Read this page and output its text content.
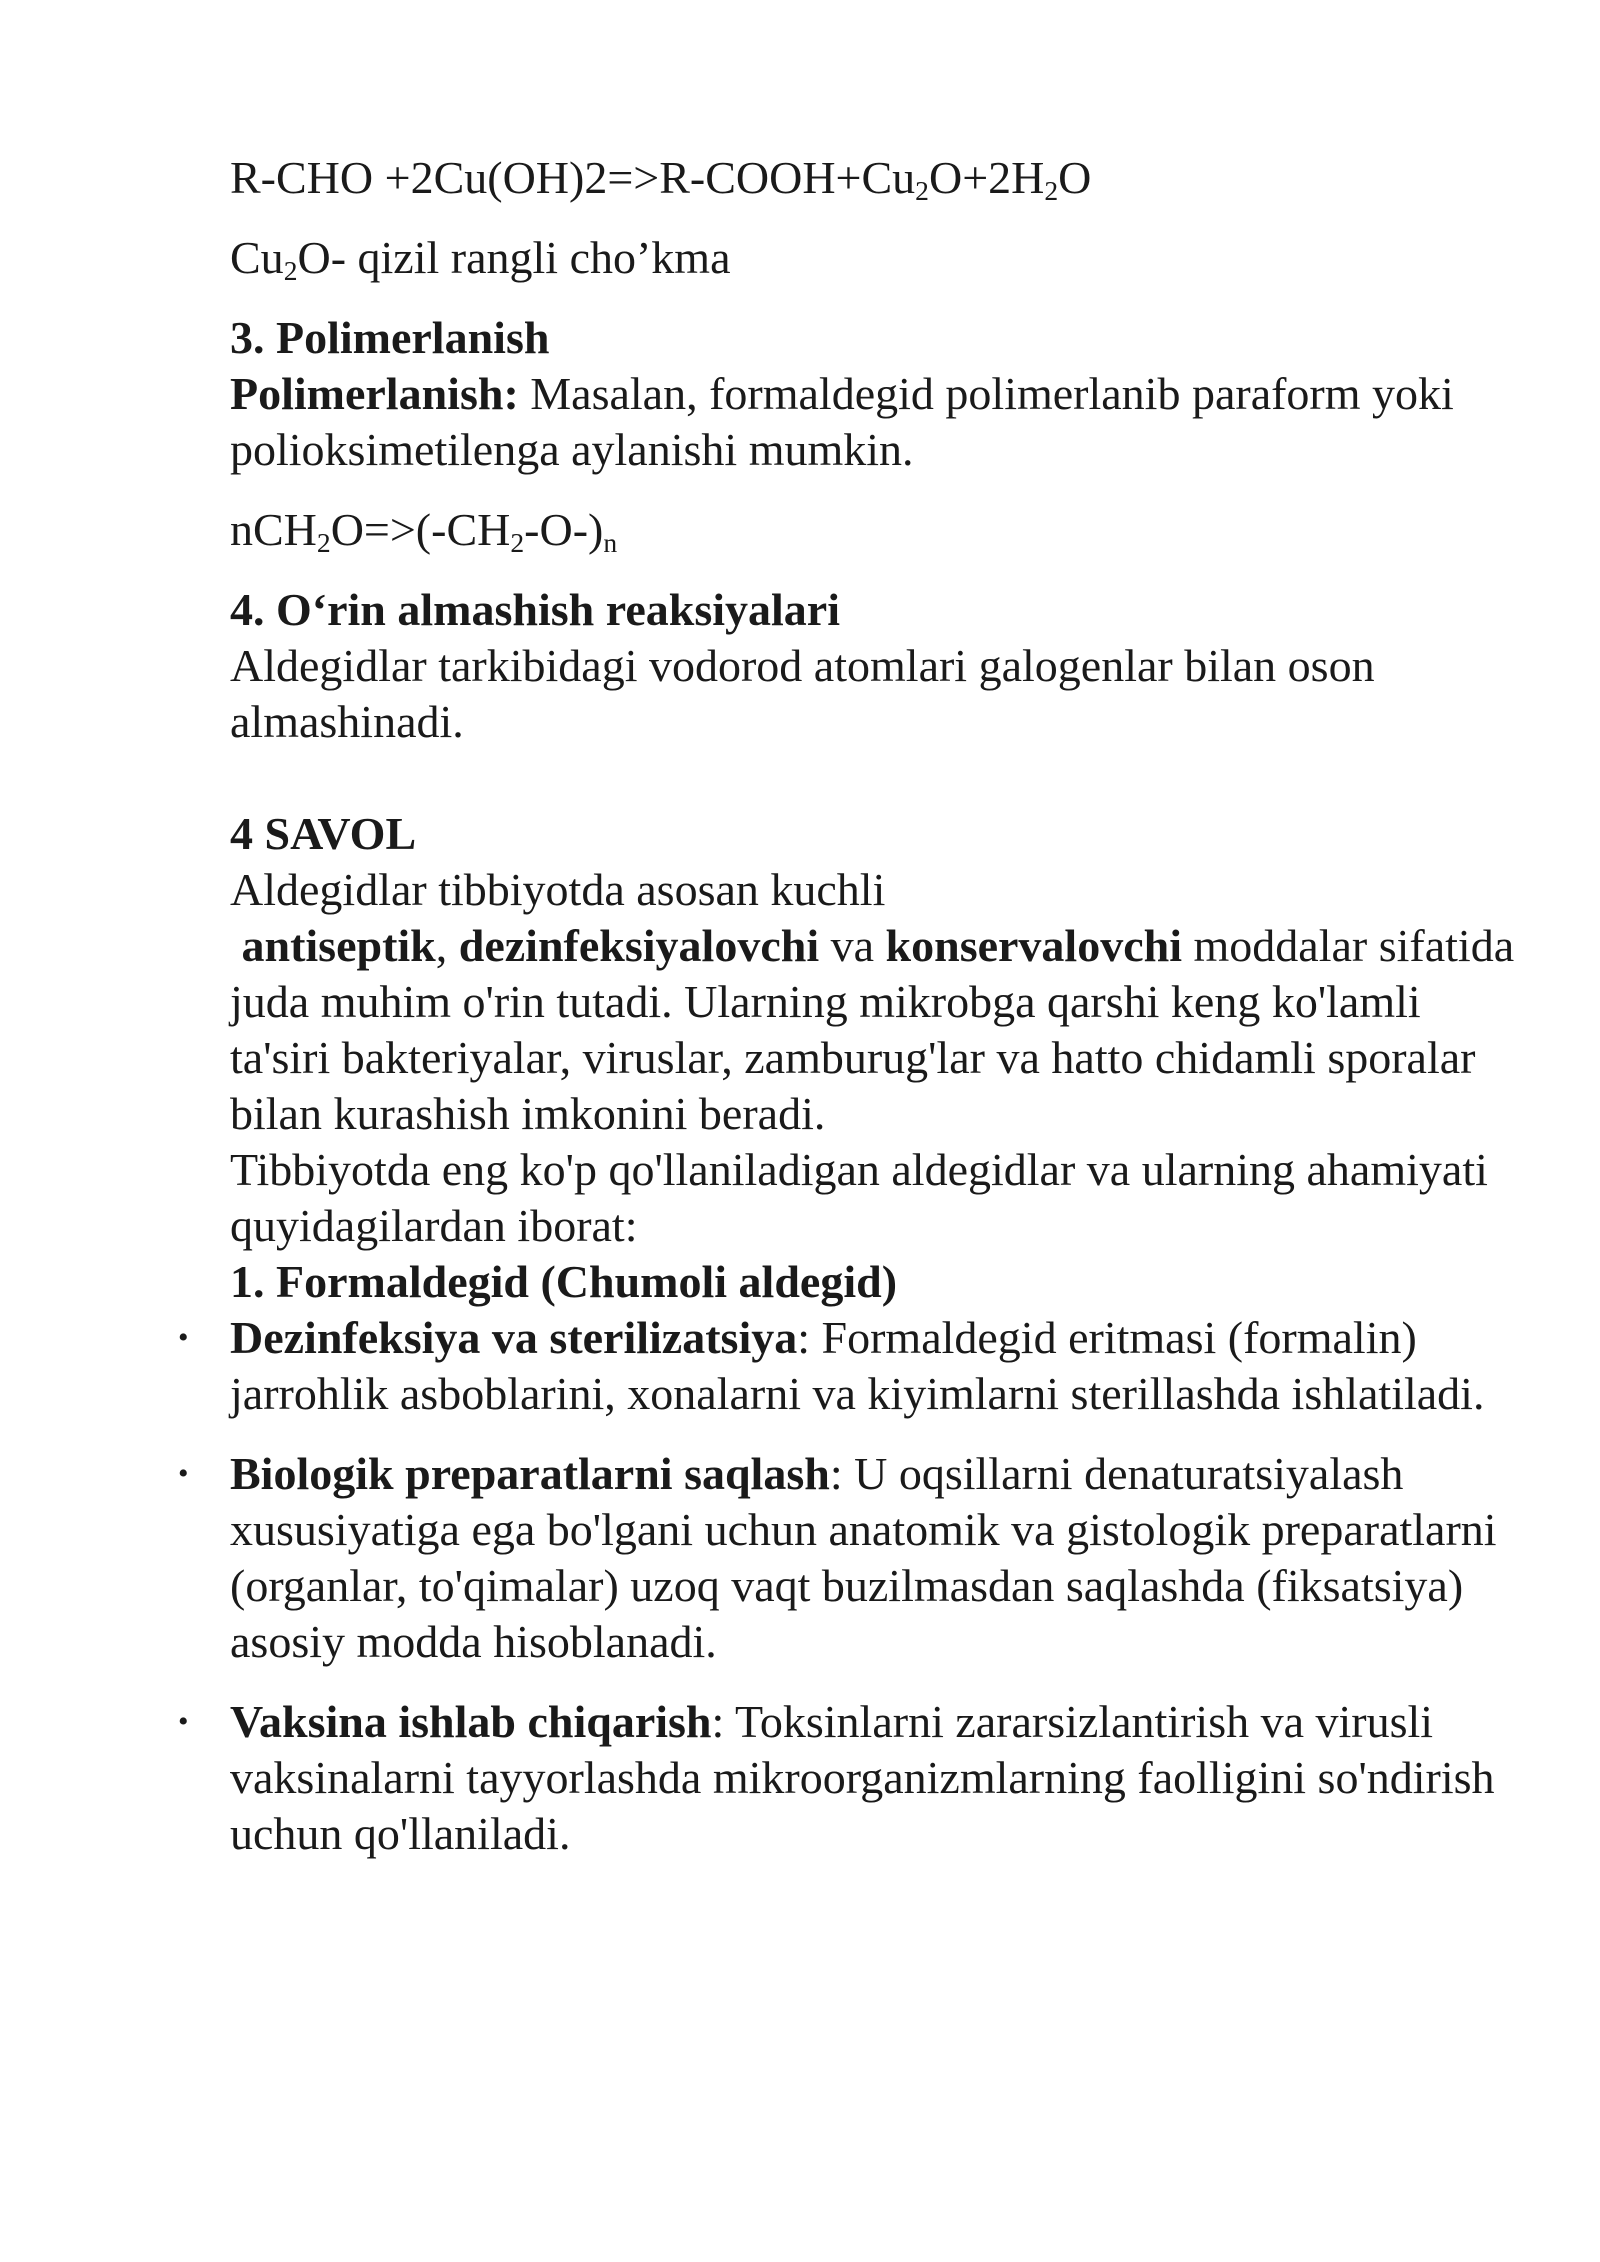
$R-CHO +2Cu(OH)2=>R-COOH+Cu_2O+2H_2O$

$Cu_2O-$ qizil rangli cho’kma

3. Polimerlanish

Polimerlanish: Masalan, formaldegid polimerlanib paraform yoki polioksimetilenga aylanishi mumkin.

$nCH_2O=>(-CH_2-O-)_n$

4. O‘rin almashish reaksiyalari

Aldegidlar tarkibidagi vodorod atomlari galogenlar bilan oson almashinadi.

4 SAVOL

Aldegidlar tibbiyotda asosan kuchli

antiseptik, dezinfeksiyalovchi va konservalovchi moddalar sifatida juda muhim o'rin tutadi. Ularning mikrobga qarshi keng ko'lamli ta'siri bakteriyalar, viruslar, zamburug'lar va hatto chidamli sporalar bilan kurashish imkonini beradi.

Tibbiyotda eng ko'p qo'llaniladigan aldegidlar va ularning ahamiyati quyidagilardan iborat:

1. Formaldegid (Chumoli aldegid)

• Dezinfeksiya va sterilizatsiya: Formaldegid eritmasi (formalin) jarrohlik asboblarini, xonalarni va kiyimlarni sterillashda ishlatiladi.
• Biologik preparatlarni saqlash: U oqsillarni denaturatsiyalash xususiyatiga ega bo'lgani uchun anatomik va gistologik preparatlarni (organlar, to'qimalar) uzoq vaqt buzilmasdan saqlashda (fiksatsiya) asosiy modda hisoblanadi.
• Vaksina ishlab chiqarish: Toksinlarni zararsizlantirish va virusli vaksinalarni tayyorlashda mikroorganizmlarning faolligini so'ndirish uchun qo'llaniladi.
